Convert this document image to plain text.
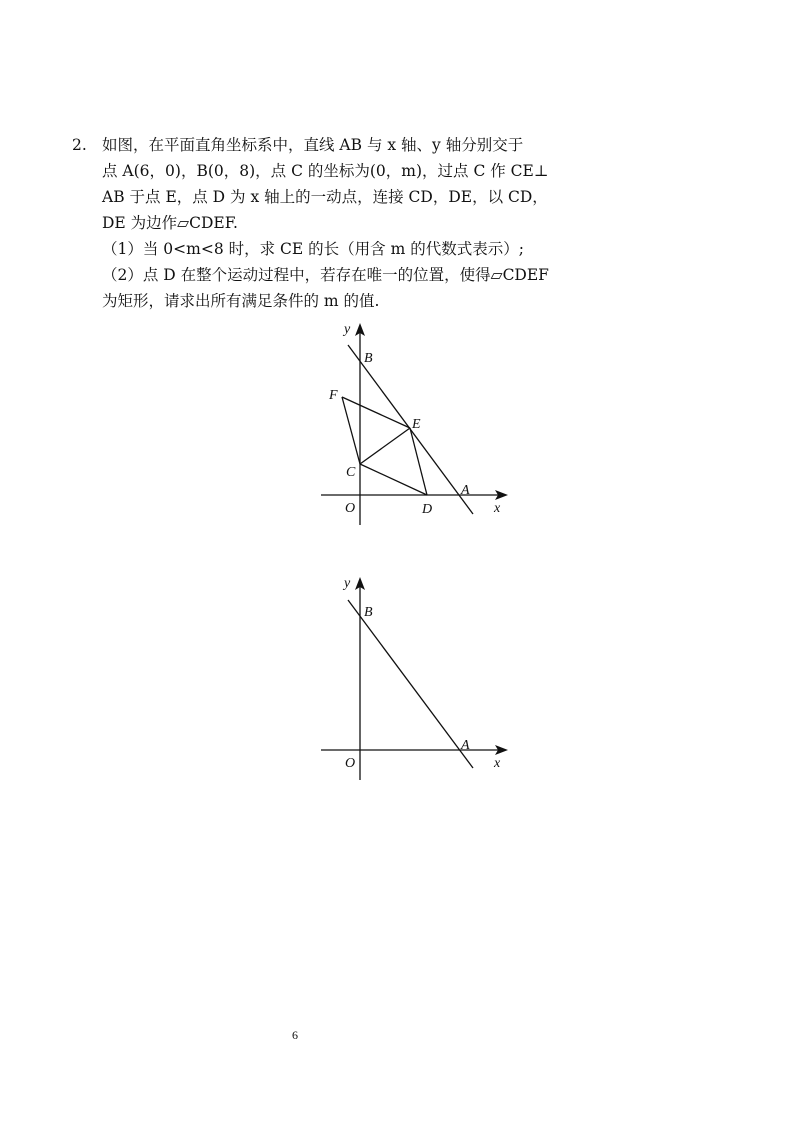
2. 如图，在平面直角坐标系中，直线 AB 与 x 轴、y 轴分别交于
点 A(6，0)，B(0，8)，点 C 的坐标为(0，m)，过点 C 作 CE⊥
AB 于点 E，点 D 为 x 轴上的一动点，连接 CD，DE，以 CD，
DE 为边作▱CDEF.
（1）当 0<m<8 时，求 CE 的长（用含 m 的代数式表示）;
（2）点 D 在整个运动过程中，若存在唯一的位置，使得▱CDEF
为矩形，请求出所有满足条件的 m 的值.
y
B
F
E
C
A
O	D	x
y
B
A
O	x
6
